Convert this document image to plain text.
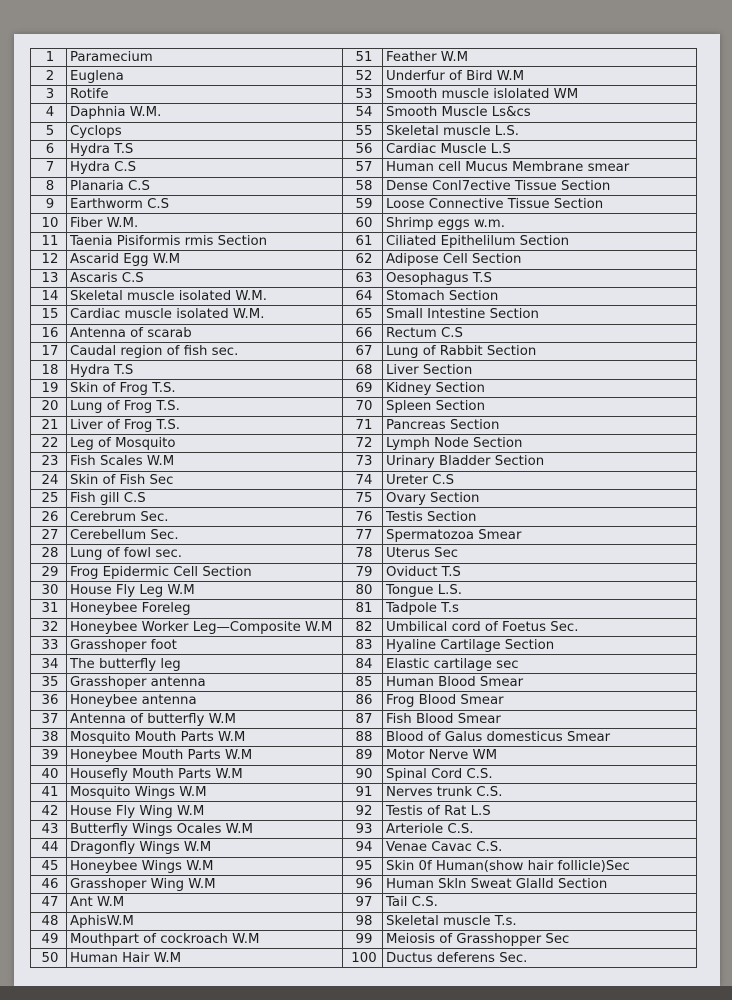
1	Paramecium	51	Feather W.M
2	Euglena	52	Underfur of Bird W.M
3	Rotife	53	Smooth muscle islolated WM
4	Daphnia W.M.	54	Smooth Muscle Ls&cs
5	Cyclops	55	Skeletal muscle L.S.
6	Hydra T.S	56	Cardiac Muscle L.S
7	Hydra C.S	57	Human cell Mucus Membrane smear
8	Planaria C.S	58	Dense Conl7ective Tissue Section
9	Earthworm C.S	59	Loose Connective Tissue Section
10	Fiber W.M.	60	Shrimp eggs w.m.
11	Taenia Pisiformis rmis Section	61	Ciliated Epithelilum Section
12	Ascarid Egg W.M	62	Adipose Cell Section
13	Ascaris C.S	63	Oesophagus T.S
14	Skeletal muscle isolated W.M.	64	Stomach Section
15	Cardiac muscle isolated W.M.	65	Small Intestine Section
16	Antenna of scarab	66	Rectum C.S
17	Caudal region of fish sec.	67	Lung of Rabbit Section
18	Hydra T.S	68	Liver Section
19	Skin of Frog T.S.	69	Kidney Section
20	Lung of Frog T.S.	70	Spleen Section
21	Liver of Frog T.S.	71	Pancreas Section
22	Leg of Mosquito	72	Lymph Node Section
23	Fish Scales W.M	73	Urinary Bladder Section
24	Skin of Fish Sec	74	Ureter C.S
25	Fish gill C.S	75	Ovary Section
26	Cerebrum Sec.	76	Testis Section
27	Cerebellum Sec.	77	Spermatozoa Smear
28	Lung of fowl sec.	78	Uterus Sec
29	Frog Epidermic Cell Section	79	Oviduct T.S
30	House Fly Leg W.M	80	Tongue L.S.
31	Honeybee Foreleg	81	Tadpole T.s
32	Honeybee Worker Leg—Composite W.M	82	Umbilical cord of Foetus Sec.
33	Grasshoper foot	83	Hyaline Cartilage Section
34	The butterfly leg	84	Elastic cartilage sec
35	Grasshoper antenna	85	Human Blood Smear
36	Honeybee antenna	86	Frog Blood Smear
37	Antenna of butterfly W.M	87	Fish Blood Smear
38	Mosquito Mouth Parts W.M	88	Blood of Galus domesticus Smear
39	Honeybee Mouth Parts W.M	89	Motor Nerve WM
40	Housefly Mouth Parts W.M	90	Spinal Cord C.S.
41	Mosquito Wings W.M	91	Nerves trunk C.S.
42	House Fly Wing W.M	92	Testis of Rat L.S
43	Butterfly Wings Ocales W.M	93	Arteriole C.S.
44	Dragonfly Wings W.M	94	Venae Cavac C.S.
45	Honeybee Wings W.M	95	Skin 0f Human(show hair follicle)Sec
46	Grasshoper Wing W.M	96	Human Skln Sweat Glalld Section
47	Ant W.M	97	Tail C.S.
48	AphisW.M	98	Skeletal muscle T.s.
49	Mouthpart of cockroach W.M	99	Meiosis of Grasshopper Sec
50	Human Hair W.M	100	Ductus deferens Sec.
